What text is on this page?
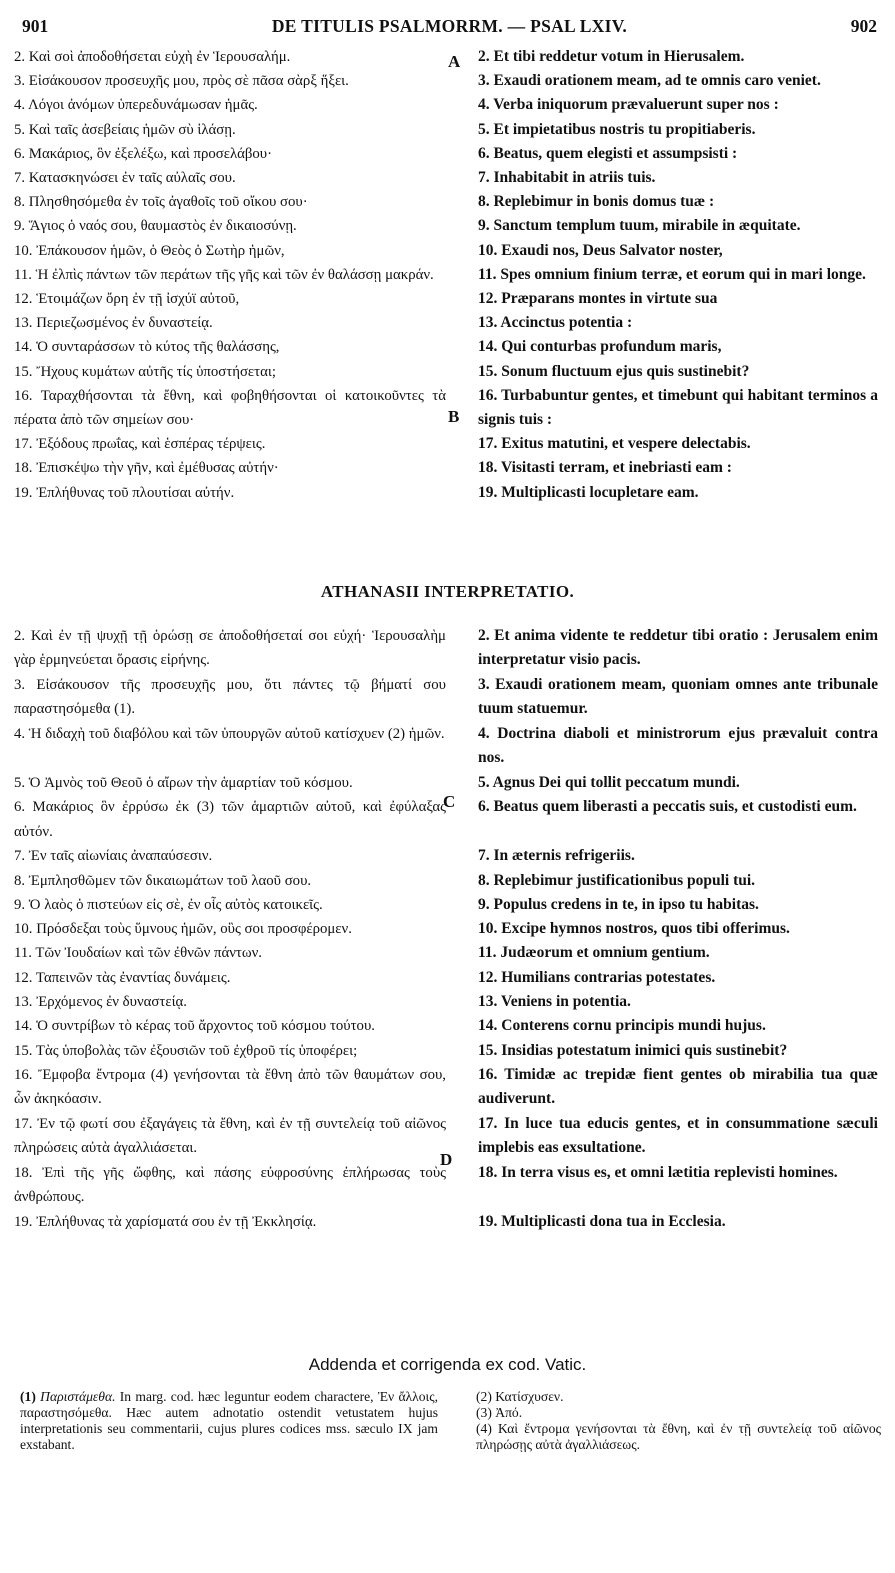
901	DE TITULIS PSALMORRM. — PSAL LXIV.	902
2. Καὶ σοὶ ἀποδοθήσεται εὐχὴ ἐν Ἱερουσαλήμ.
3. Εἰσάκουσον προσευχῆς μου, πρὸς σὲ πᾶσα σὰρξ ἥξει.
4. Λόγοι ἀνόμων ὑπερεδυνάμωσαν ἡμᾶς.
5. Καὶ ταῖς ἀσεβείαις ἡμῶν σὺ ἱλάσῃ.
6. Μακάριος, ὃν ἐξελέξω, καὶ προσελάβου·
7. Κατασκηνώσει ἐν ταῖς αὐλαῖς σου.
8. Πλησθησόμεθα ἐν τοῖς ἀγαθοῖς τοῦ οἴκου σου·
9. Ἅγιος ὁ ναός σου, θαυμαστὸς ἐν δικαιοσύνῃ.
10. Ἐπάκουσον ἡμῶν, ὁ Θεὸς ὁ Σωτὴρ ἡμῶν,
11. Ἡ ἐλπὶς πάντων τῶν περάτων τῆς γῆς καὶ τῶν ἐν θαλάσσῃ μακράν.
12. Ἑτοιμάζων ὄρη ἐν τῇ ἰσχύϊ αὐτοῦ,
13. Περιεζωσμένος ἐν δυναστείᾳ.
14. Ὁ συνταράσσων τὸ κύτος τῆς θαλάσσης,
15. Ἤχους κυμάτων αὐτῆς τίς ὑποστήσεται;
16. Ταραχθήσονται τὰ ἔθνη, καὶ φοβηθήσονται οἱ κατοικοῦντες τὰ πέρατα ἀπὸ τῶν σημείων σου·
17. Ἐξόδους πρωΐας, καὶ ἑσπέρας τέρψεις.
18. Ἐπισκέψω τὴν γῆν, καὶ ἐμέθυσας αὐτήν·
19. Ἐπλήθυνας τοῦ πλουτίσαι αὐτήν.
2. Et tibi reddetur votum in Hierusalem.
3. Exaudi orationem meam, ad te omnis caro veniet.
4. Verba iniquorum prævaluerunt super nos :
5. Et impietatibus nostris tu propitiaberis.
6. Beatus, quem elegisti et assumpsisti :
7. Inhabitabit in atriis tuis.
8. Replebimur in bonis domus tuæ :
9. Sanctum templum tuum, mirabile in æquitate.
10. Exaudi nos, Deus Salvator noster,
11. Spes omnium finium terræ, et eorum qui in mari longe.
12. Præparans montes in virtute sua
13. Accinctus potentia :
14. Qui conturbas profundum maris,
15. Sonum fluctuum ejus quis sustinebit?
16. Turbabuntur gentes, et timebunt qui habitant terminos a signis tuis :
17. Exitus matutini, et vespere delectabis.
18. Visitasti terram, et inebriasti eam :
19. Multiplicasti locupletare eam.
A
B
ATHANASII INTERPRETATIO.
2. Καὶ ἐν τῇ ψυχῇ τῇ ὁρώσῃ σε ἀποδοθήσεταί σοι εὐχή· Ἱερουσαλὴμ γὰρ ἑρμηνεύεται ὅρασις εἰρήνης.
3. Εἰσάκουσον τῆς προσευχῆς μου, ὅτι πάντες τῷ βήματί σου παραστησόμεθα (1).
4. Ἡ διδαχὴ τοῦ διαβόλου καὶ τῶν ὑπουργῶν αὐτοῦ κατίσχυεν (2) ἡμῶν.
5. Ὁ Ἀμνὸς τοῦ Θεοῦ ὁ αἴρων τὴν ἁμαρτίαν τοῦ κόσμου.
6. Μακάριος ὃν ἐρρύσω ἐκ (3) τῶν ἁμαρτιῶν αὐτοῦ, καὶ ἐφύλαξας αὐτόν.
7. Ἐν ταῖς αἰωνίαις ἀναπαύσεσιν.
8. Ἐμπλησθῶμεν τῶν δικαιωμάτων τοῦ λαοῦ σου.
9. Ὁ λαὸς ὁ πιστεύων εἰς σὲ, ἐν οἷς αὐτὸς κατοικεῖς.
10. Πρόσδεξαι τοὺς ὕμνους ἡμῶν, οὓς σοι προσφέρομεν.
11. Τῶν Ἰουδαίων καὶ τῶν ἐθνῶν πάντων.
12. Ταπεινῶν τὰς ἐναντίας δυνάμεις.
13. Ἐρχόμενος ἐν δυναστείᾳ.
14. Ὁ συντρίβων τὸ κέρας τοῦ ἄρχοντος τοῦ κόσμου τούτου.
15. Τὰς ὑποβολὰς τῶν ἐξουσιῶν τοῦ ἐχθροῦ τίς ὑποφέρει;
16. Ἔμφοβα ἔντρομα (4) γενήσονται τὰ ἔθνη ἀπὸ τῶν θαυμάτων σου, ὧν ἀκηκόασιν.
17. Ἐν τῷ φωτί σου ἐξαγάγεις τὰ ἔθνη, καὶ ἐν τῇ συντελείᾳ τοῦ αἰῶνος πληρώσεις αὐτὰ ἀγαλλιάσεται.
18. Ἐπὶ τῆς γῆς ὤφθης, καὶ πάσης εὐφροσύνης ἐπλήρωσας τοὺς ἀνθρώπους.
19. Ἐπλήθυνας τὰ χαρίσματά σου ἐν τῇ Ἐκκλησίᾳ.
2. Et anima vidente te reddetur tibi oratio : Jerusalem enim interpretatur visio pacis.
3. Exaudi orationem meam, quoniam omnes ante tribunale tuum statuemur.
4. Doctrina diaboli et ministrorum ejus prævaluit contra nos.
5. Agnus Dei qui tollit peccatum mundi.
6. Beatus quem liberasti a peccatis suis, et custodisti eum.
7. In æternis refrigeriis.
8. Replebimur justificationibus populi tui.
9. Populus credens in te, in ipso tu habitas.
10. Excipe hymnos nostros, quos tibi offerimus.
11. Judæorum et omnium gentium.
12. Humilians contrarias potestates.
13. Veniens in potentia.
14. Conterens cornu principis mundi hujus.
15. Insidias potestatum inimici quis sustinebit?
16. Timidæ ac trepidæ fient gentes ob mirabilia tua quæ audiverunt.
17. In luce tua educis gentes, et in consummatione sæculi implebis eas exsultatione.
18. In terra visus es, et omni lætitia replevisti homines.
19. Multiplicasti dona tua in Ecclesia.
C
D
Addenda et corrigenda ex cod. Vatic.
(1) Παριστάμεθα. In marg. cod. hæc leguntur eodem charactere, Ἐν ἄλλοις, παραστησόμεθα. Hæc autem adnotatio ostendit vetustatem hujus interpretationis seu commentarii, cujus plures codices mss. sæculo IX jam exstabant.
(2) Κατίσχυσεν.
(3) Ἀπό.
(4) Καὶ ἔντρομα γενήσονται τὰ ἔθνη, καὶ ἐν τῇ συντελείᾳ τοῦ αἰῶνος πληρώσῃς αὐτὰ ἀγαλλιάσεως.
